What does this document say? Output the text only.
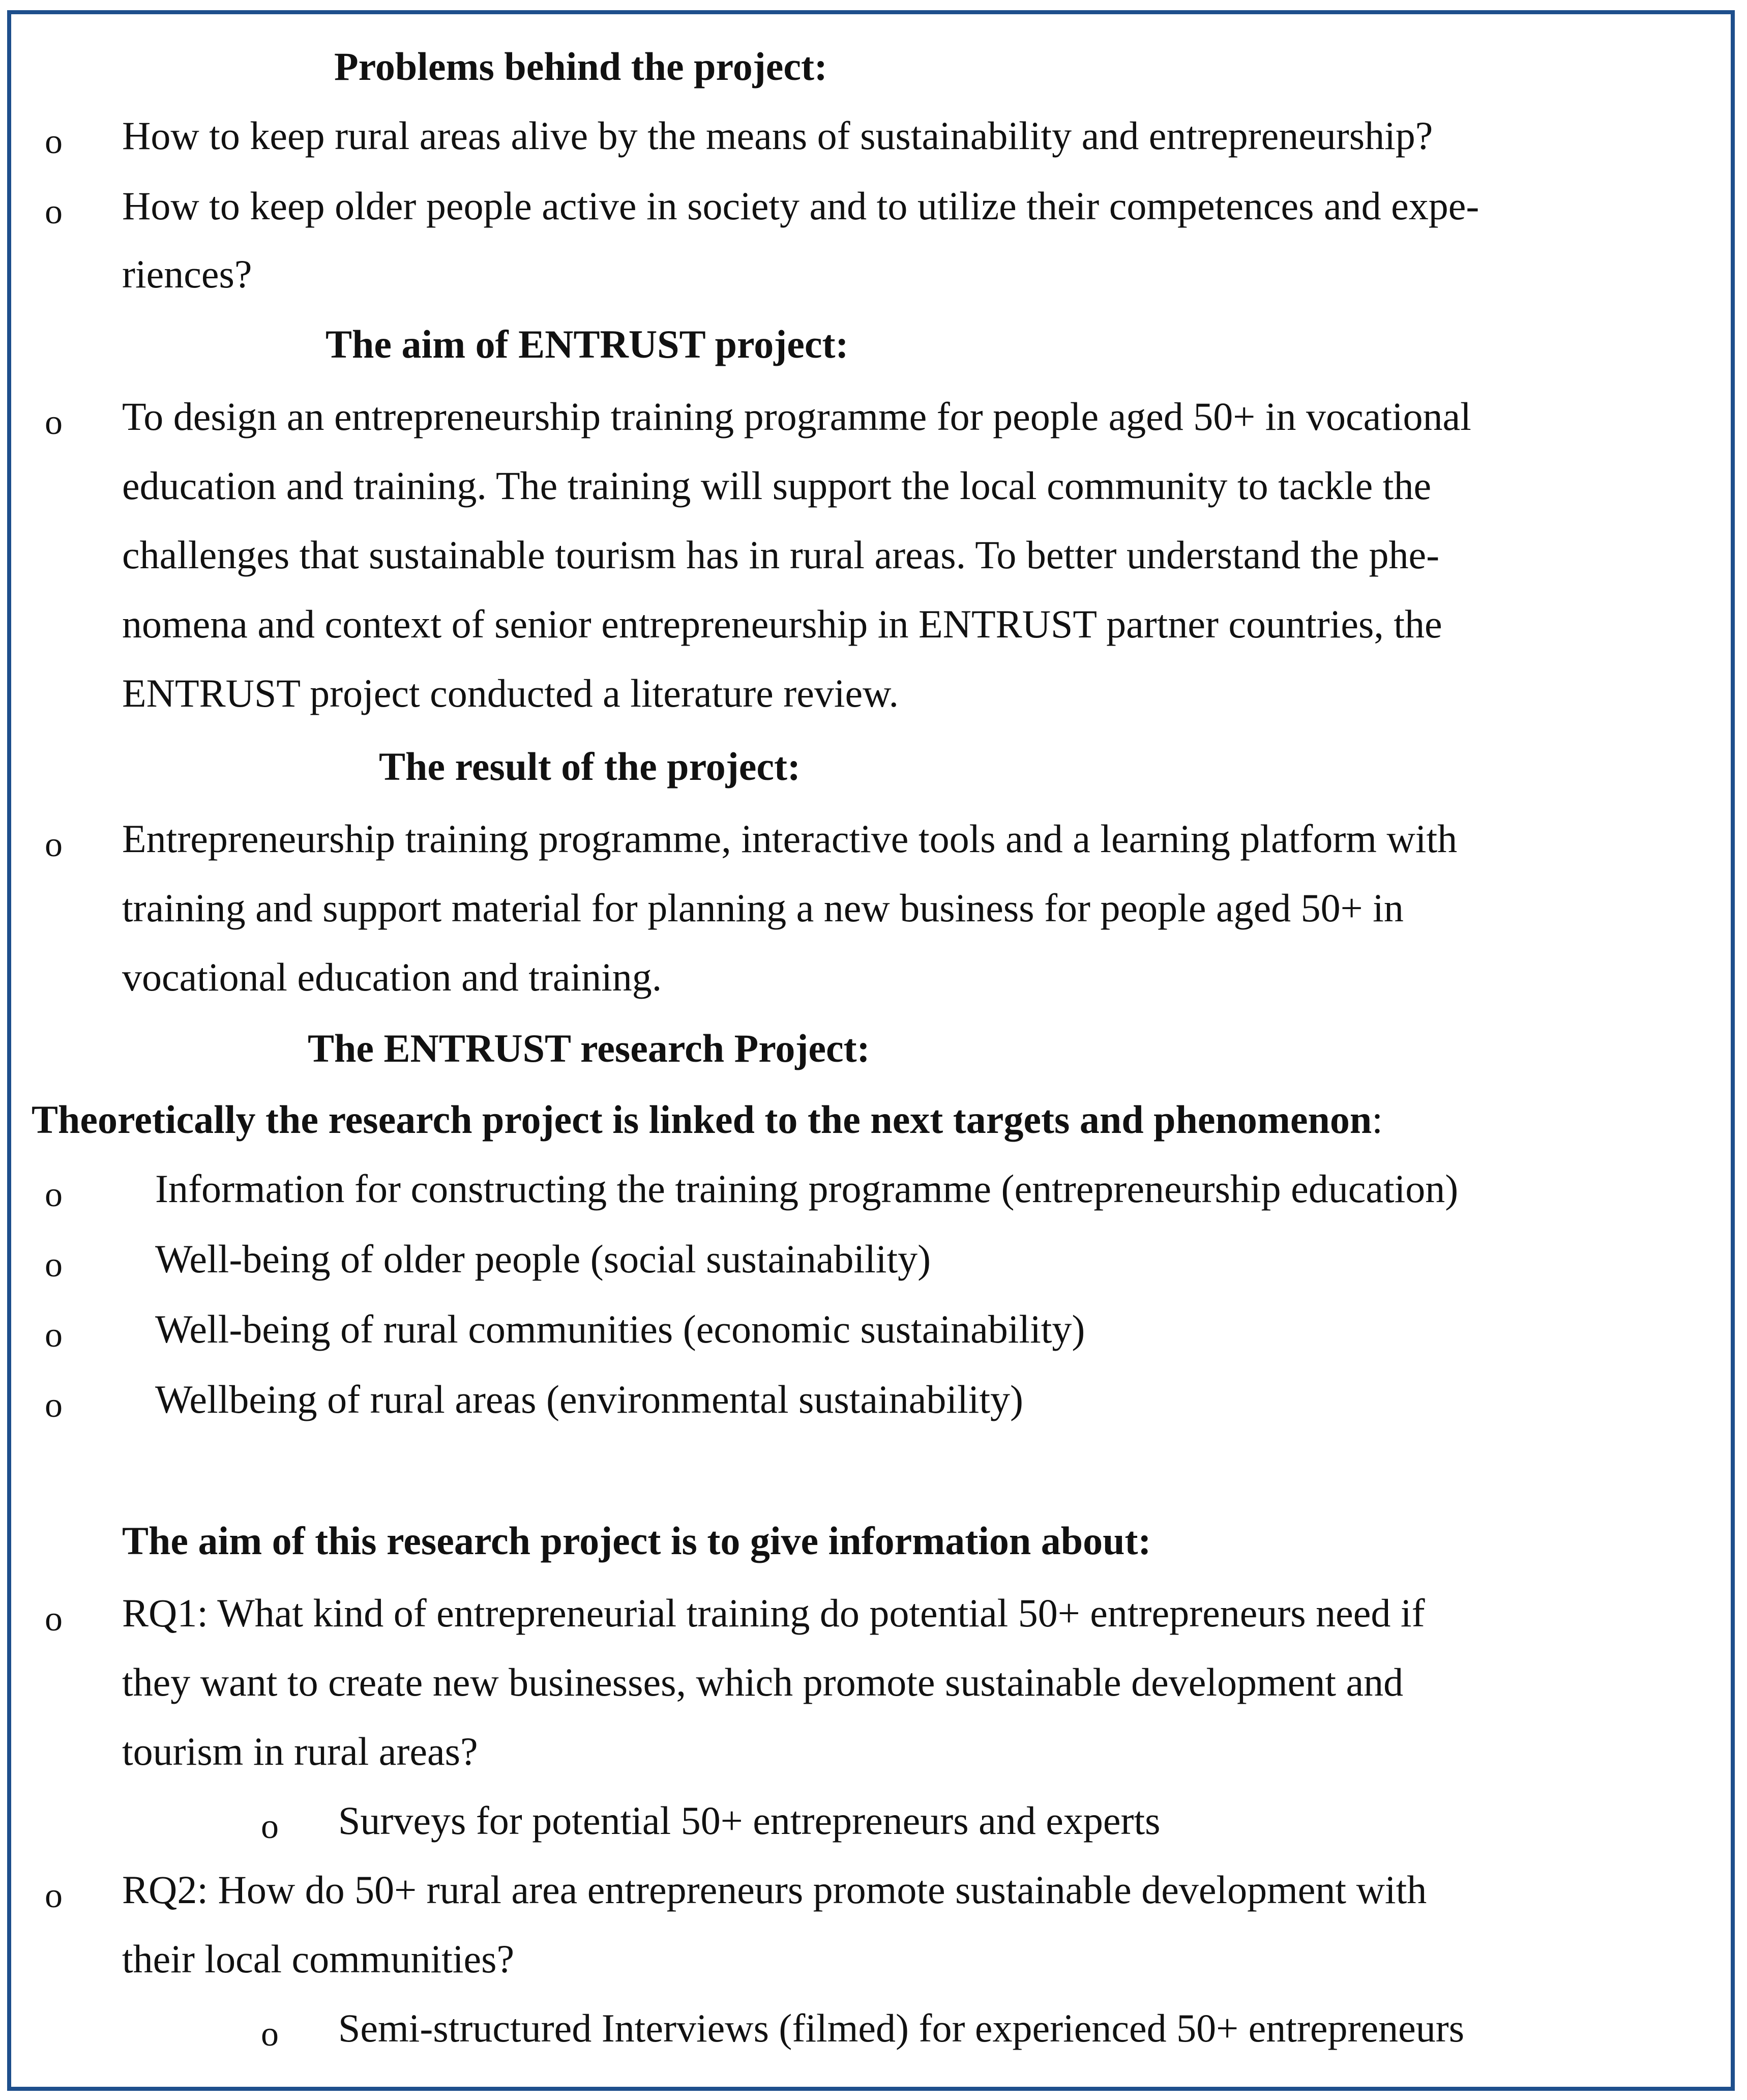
Problems behind the project:
o How to keep rural areas alive by the means of sustainability and entrepreneurship?
o How to keep older people active in society and to utilize their competences and expe-
riences?
The aim of ENTRUST project:
o To design an entrepreneurship training programme for people aged 50+ in vocational
education and training. The training will support the local community to tackle the
challenges that sustainable tourism has in rural areas. To better understand the phe-
nomena and context of senior entrepreneurship in ENTRUST partner countries, the
ENTRUST project conducted a literature review.
The result of the project:
o Entrepreneurship training programme, interactive tools and a learning platform with
training and support material for planning a new business for people aged 50+ in
vocational education and training.
The ENTRUST research Project:
Theoretically the research project is linked to the next targets and phenomenon:
o Information for constructing the training programme (entrepreneurship education)
o Well-being of older people (social sustainability)
o Well-being of rural communities (economic sustainability)
o Wellbeing of rural areas (environmental sustainability)
The aim of this research project is to give information about:
o RQ1: What kind of entrepreneurial training do potential 50+ entrepreneurs need if
they want to create new businesses, which promote sustainable development and
tourism in rural areas?
o Surveys for potential 50+ entrepreneurs and experts
o RQ2: How do 50+ rural area entrepreneurs promote sustainable development with
their local communities?
o Semi-structured Interviews (filmed) for experienced 50+ entrepreneurs
